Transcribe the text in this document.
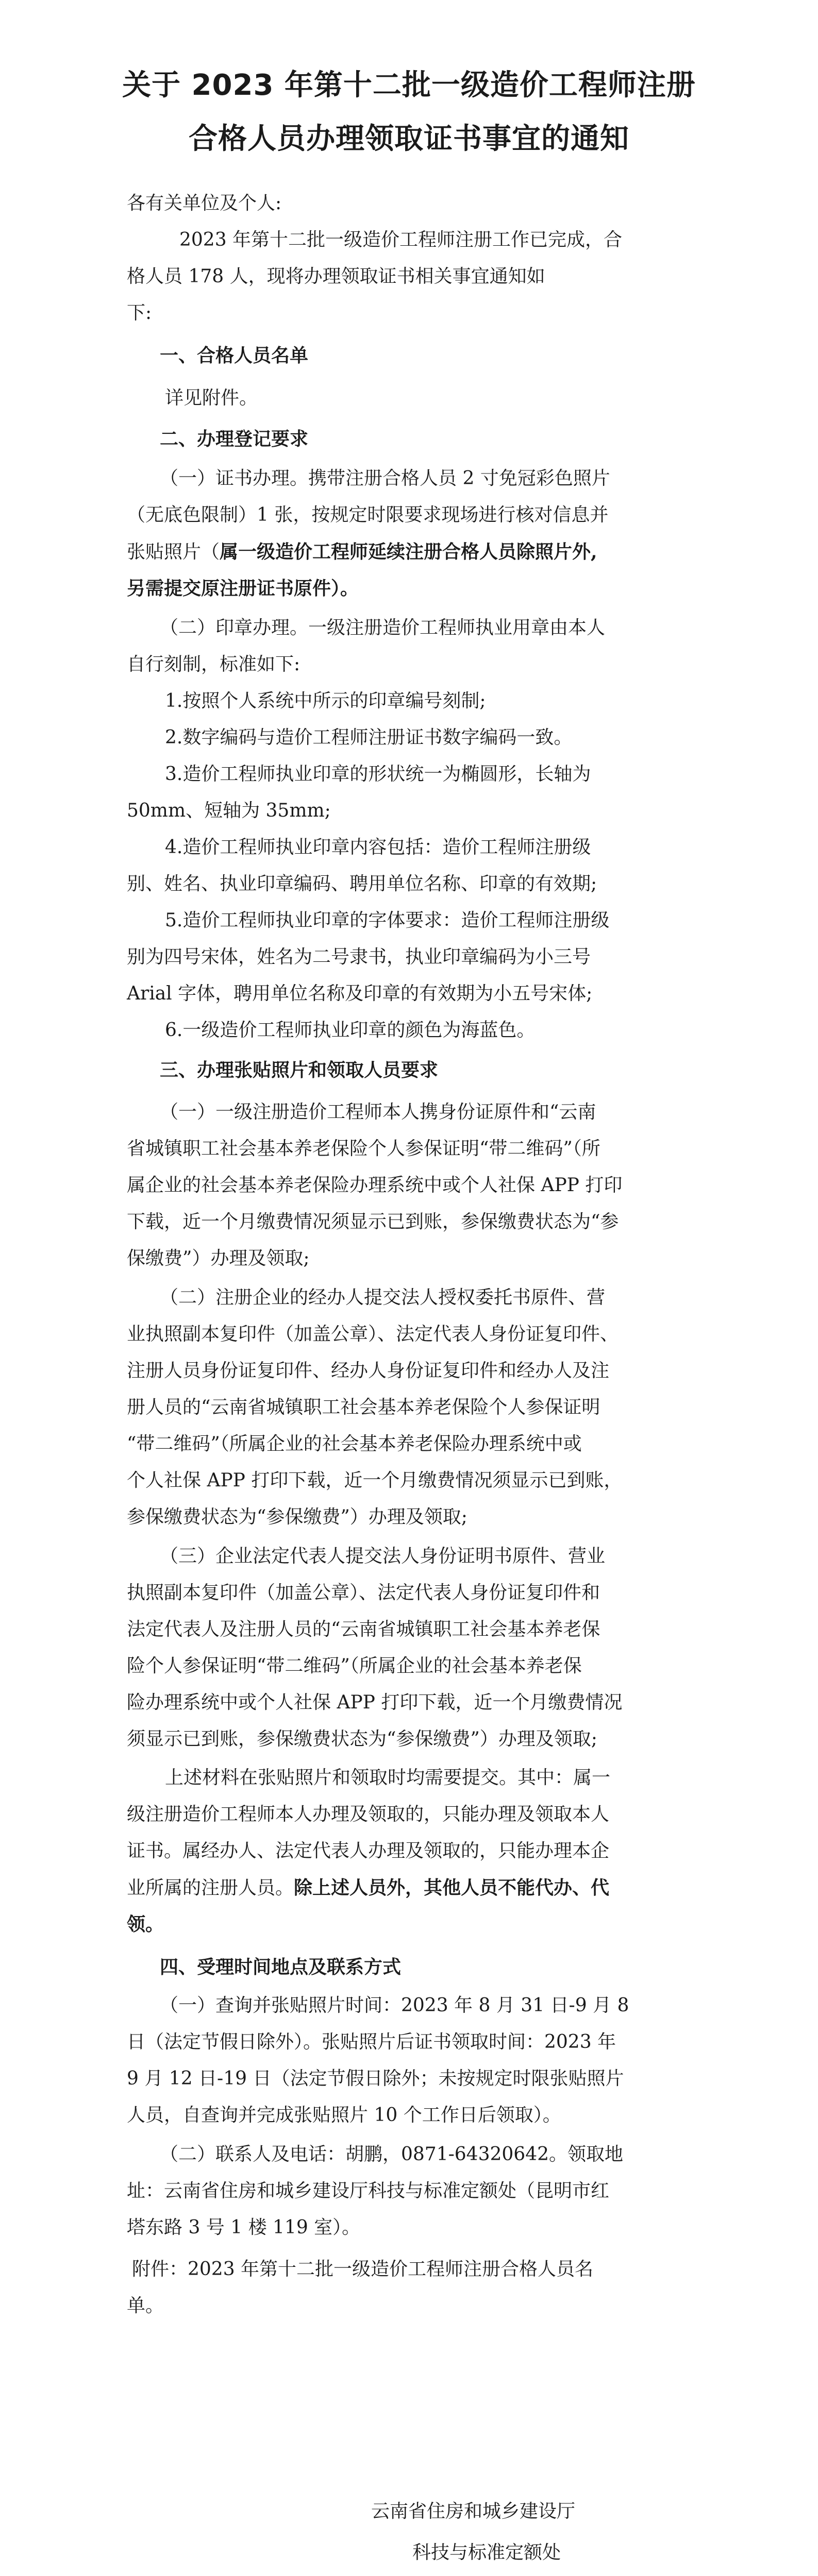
关于 2023 年第十二批一级造价工程师注册
合格人员办理领取证书事宜的通知

各有关单位及个人:

2023 年第十二批一级造价工程师注册工作已完成，合

格人员 178 人，现将办理领取证书相关事宜通知如

下:

一、合格人员名单

详见附件。

二、办理登记要求

（一）证书办理。携带注册合格人员 2 寸免冠彩色照片

（无底色限制）1 张，按规定时限要求现场进行核对信息并

张贴照片（属一级造价工程师延续注册合格人员除照片外,

另需提交原注册证书原件）。

（二）印章办理。一级注册造价工程师执业用章由本人

自行刻制，标准如下:

1.按照个人系统中所示的印章编号刻制;

2.数字编码与造价工程师注册证书数字编码一致。

3.造价工程师执业印章的形状统一为椭圆形，长轴为

50mm、短轴为 35mm;

4.造价工程师执业印章内容包括：造价工程师注册级

别、姓名、执业印章编码、聘用单位名称、印章的有效期;

5.造价工程师执业印章的字体要求：造价工程师注册级

别为四号宋体，姓名为二号隶书，执业印章编码为小三号

Arial 字体，聘用单位名称及印章的有效期为小五号宋体;

6.一级造价工程师执业印章的颜色为海蓝色。

三、办理张贴照片和领取人员要求

（一）一级注册造价工程师本人携身份证原件和“云南

省城镇职工社会基本养老保险个人参保证明“带二维码”（所

属企业的社会基本养老保险办理系统中或个人社保 APP 打印

下载，近一个月缴费情况须显示已到账，参保缴费状态为“参

保缴费”）办理及领取;

（二）注册企业的经办人提交法人授权委托书原件、营

业执照副本复印件（加盖公章）、法定代表人身份证复印件、

注册人员身份证复印件、经办人身份证复印件和经办人及注

册人员的“云南省城镇职工社会基本养老保险个人参保证明

“带二维码”（所属企业的社会基本养老保险办理系统中或

个人社保 APP 打印下载，近一个月缴费情况须显示已到账，

参保缴费状态为“参保缴费”）办理及领取;

（三）企业法定代表人提交法人身份证明书原件、营业

执照副本复印件（加盖公章）、法定代表人身份证复印件和

法定代表人及注册人员的“云南省城镇职工社会基本养老保

险个人参保证明“带二维码”（所属企业的社会基本养老保

险办理系统中或个人社保 APP 打印下载，近一个月缴费情况

须显示已到账，参保缴费状态为“参保缴费”）办理及领取;

上述材料在张贴照片和领取时均需要提交。其中：属一

级注册造价工程师本人办理及领取的，只能办理及领取本人

证书。属经办人、法定代表人办理及领取的，只能办理本企

业所属的注册人员。除上述人员外，其他人员不能代办、代

领。

四、受理时间地点及联系方式

（一）查询并张贴照片时间：2023 年 8 月 31 日-9 月 8

日（法定节假日除外）。张贴照片后证书领取时间：2023 年

9 月 12 日-19 日（法定节假日除外；未按规定时限张贴照片

人员，自查询并完成张贴照片 10 个工作日后领取）。

（二）联系人及电话：胡鹏，0871-64320642。领取地

址：云南省住房和城乡建设厅科技与标准定额处（昆明市红

塔东路 3 号 1 楼 119 室）。

附件：2023 年第十二批一级造价工程师注册合格人员名

单。

云南省住房和城乡建设厅
科技与标准定额处
